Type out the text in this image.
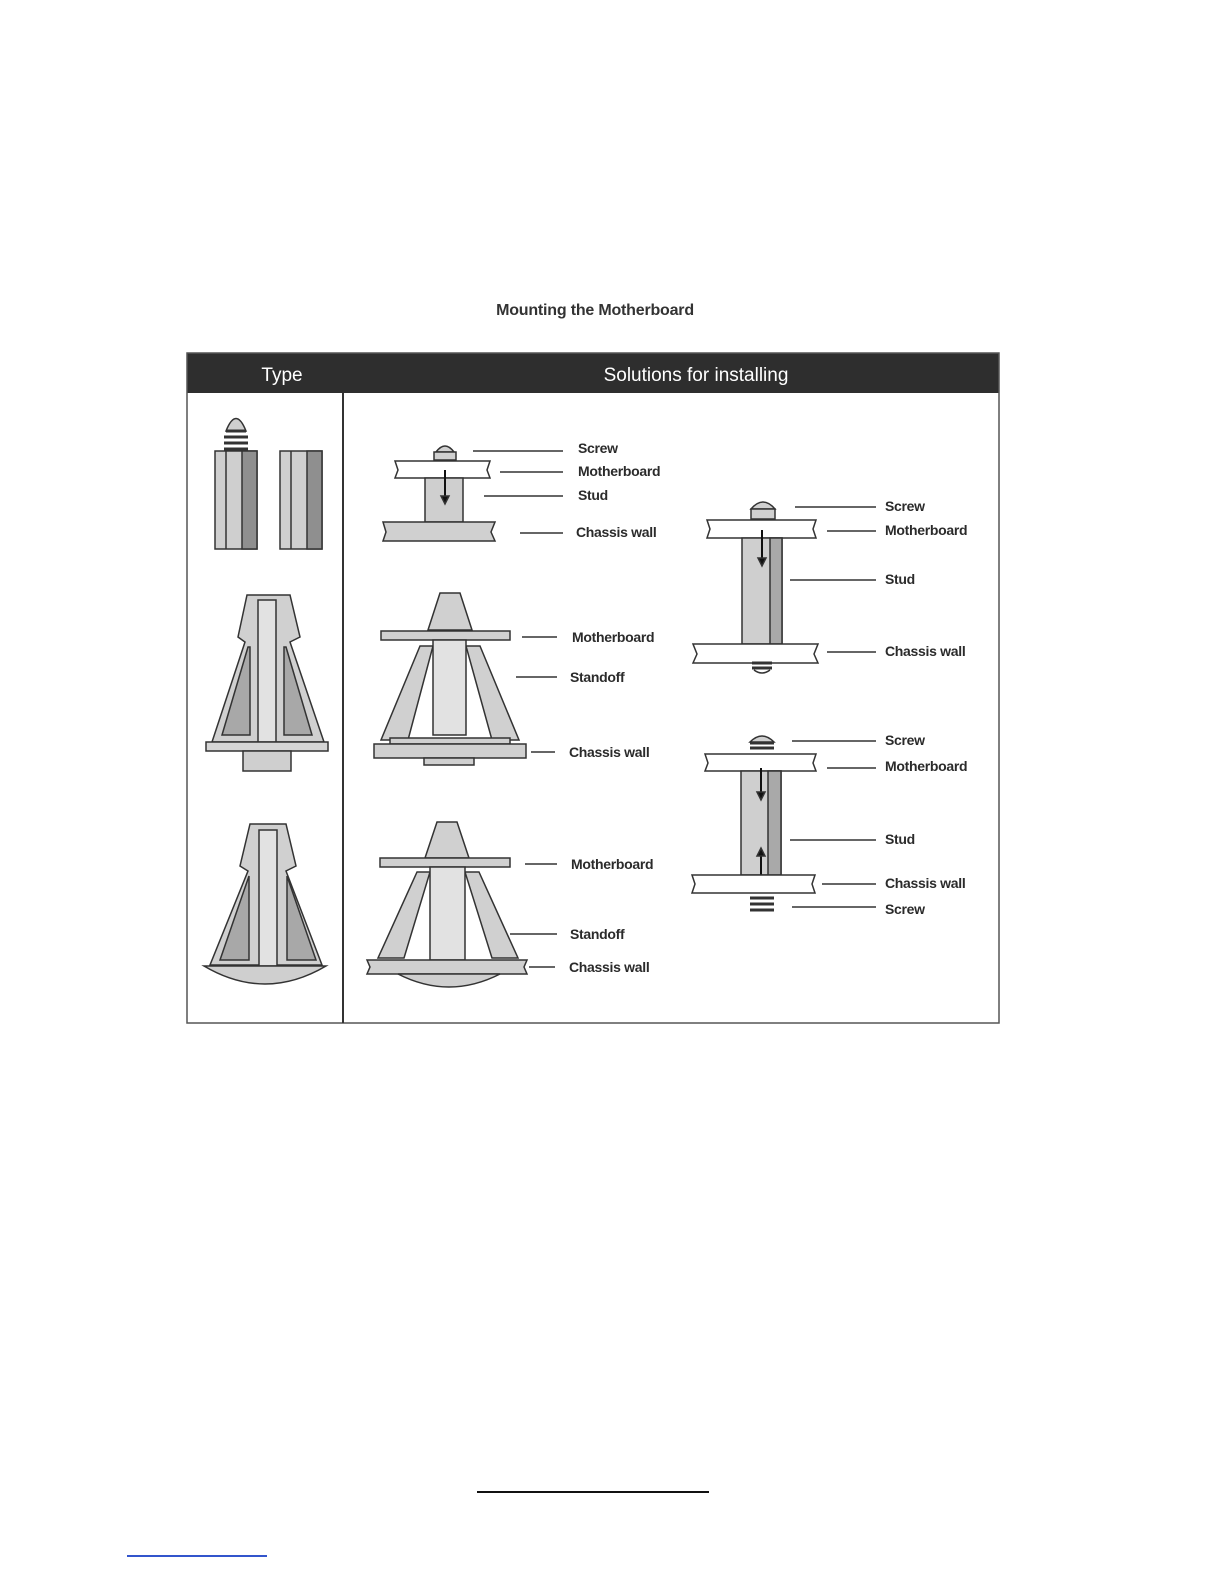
Mounting the Motherboard
Type	Solutions for installing
Screw
Motherboard
Stud
Chassis wall
Motherboard
Standoff
Chassis wall
Motherboard
Standoff
Chassis wall
Screw
Motherboard
Stud
Chassis wall
Screw
Motherboard
Stud
Chassis wall
Screw
